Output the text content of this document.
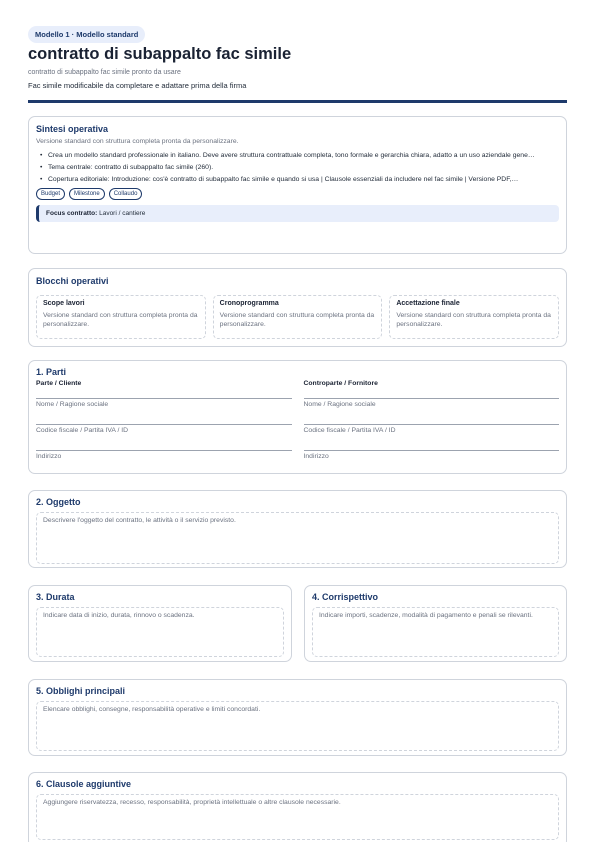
Modello 1 · Modello standard
contratto di subappalto fac simile
contratto di subappalto fac simile pronto da usare
Fac simile modificabile da completare e adattare prima della firma
Sintesi operativa
Versione standard con struttura completa pronta da personalizzare.
• Crea un modello standard professionale in italiano. Deve avere struttura contrattuale completa, tono formale e gerarchia chiara, adatto a un uso aziendale gene…
• Tema centrale: contratto di subappalto fac simile (260).
• Copertura editoriale: Introduzione: cos'è contratto di subappalto fac simile e quando si usa | Clausole essenziali da includere nel fac simile | Versione PDF,…
Budget	Milestone	Collaudo
Focus contratto: Lavori / cantiere
Blocchi operativi
Scope lavori
Versione standard con struttura completa pronta da personalizzare.
Cronoprogramma
Versione standard con struttura completa pronta da personalizzare.
Accettazione finale
Versione standard con struttura completa pronta da personalizzare.
1. Parti
Parte / Cliente
Nome / Ragione sociale
Codice fiscale / Partita IVA / ID
Indirizzo
Controparte / Fornitore
Nome / Ragione sociale
Codice fiscale / Partita IVA / ID
Indirizzo
2. Oggetto
Descrivere l'oggetto del contratto, le attività o il servizio previsto.
3. Durata
Indicare data di inizio, durata, rinnovo o scadenza.
4. Corrispettivo
Indicare importi, scadenze, modalità di pagamento e penali se rilevanti.
5. Obblighi principali
Elencare obblighi, consegne, responsabilità operative e limiti concordati.
6. Clausole aggiuntive
Aggiungere riservatezza, recesso, responsabilità, proprietà intellettuale o altre clausole necessarie.
